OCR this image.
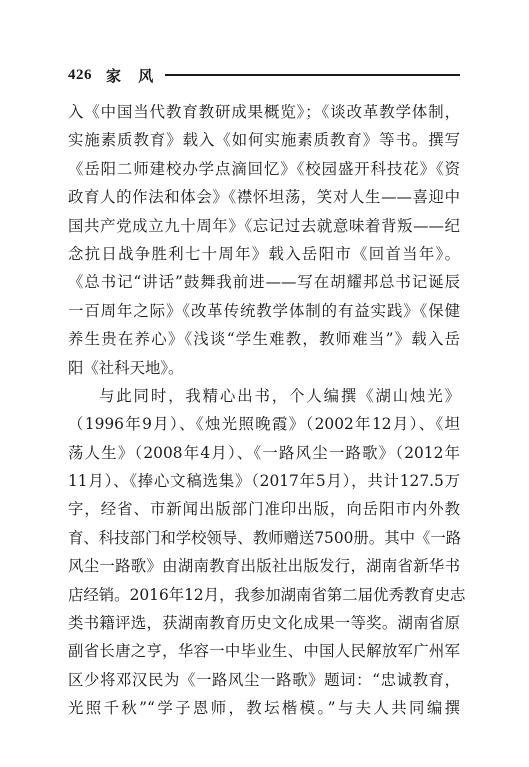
426 家 风
入《中国当代教育教研成果概览》；《谈改革教学体制，
实施素质教育》载入《如何实施素质教育》等书。撰写
《岳阳二师建校办学点滴回忆》《校园盛开科技花》《资
政育人的作法和体会》《襟怀坦荡，笑对人生——喜迎中
国共产党成立九十周年》《忘记过去就意味着背叛——纪
念抗日战争胜利七十周年》载入岳阳市《回首当年》。
《总书记“讲话”鼓舞我前进——写在胡耀邦总书记诞辰
一百周年之际》《改革传统教学体制的有益实践》《保健
养生贵在养心》《浅谈“学生难教，教师难当”》载入岳
阳《社科天地》。
与此同时，我精心出书，个人编撰《湖山烛光》
（1996年9月）、《烛光照晚霞》（2002年12月）、《坦
荡人生》（2008年4月）、《一路风尘一路歌》（2012年
11月）、《捧心文稿选集》（2017年5月），共计127.5万
字，经省、市新闻出版部门准印出版，向岳阳市内外教
育、科技部门和学校领导、教师赠送7500册。其中《一路
风尘一路歌》由湖南教育出版社出版发行，湖南省新华书
店经销。2016年12月，我参加湖南省第二届优秀教育史志
类书籍评选，获湖南教育历史文化成果一等奖。湖南省原
副省长唐之亨，华容一中毕业生、中国人民解放军广州军
区少将邓汉民为《一路风尘一路歌》题词：“忠诚教育，
光照千秋”“学子恩师，教坛楷模。”与夫人共同编撰
